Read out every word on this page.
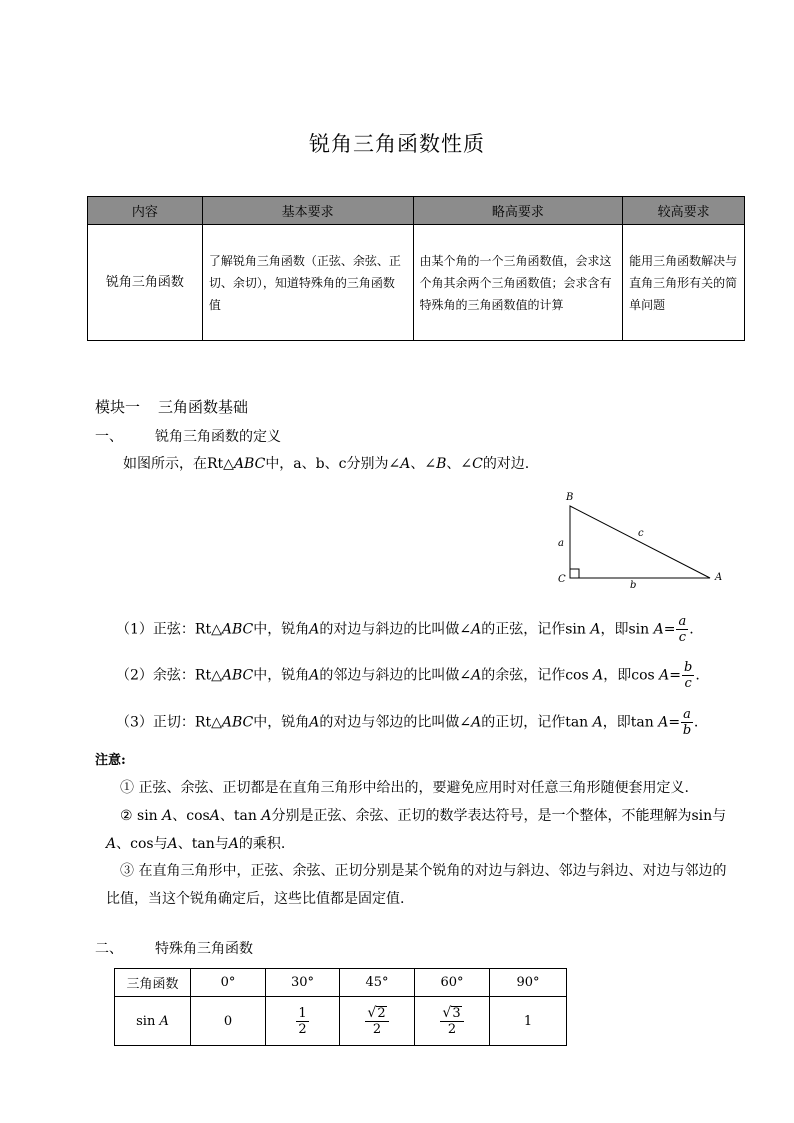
锐角三角函数性质
内容	基本要求	略高要求	较高要求
锐角三角函数	了解锐角三角函数（正弦、余弦、正切、余切），知道特殊角的三角函数值	由某个角的一个三角函数值，会求这个角其余两个三角函数值；会求含有特殊角的三角函数值的计算	能用三角函数解决与直角三角形有关的简单问题
模块一 三角函数基础
一、 锐角三角函数的定义
如图所示，在Rt△ABC中，a、b、c分别为∠A、∠B、∠C的对边.
B
C	A
a
b
c
（1）正弦：Rt△ABC中，锐角A的对边与斜边的比叫做∠A的正弦，记作sin A，即$\sin A= \frac{a}{c}$ .
（2）余弦：Rt△ABC中，锐角A的邻边与斜边的比叫做∠A的余弦，记作cos A，即$\cos A= \frac{b}{c}$ .
（3）正切：Rt△ABC中，锐角A的对边与邻边的比叫做∠A的正切，记作tan A，即$\tan A= \frac{a}{b}$ .
注意:
① 正弦、余弦、正切都是在直角三角形中给出的，要避免应用时对任意三角形随便套用定义.
② sin A、cosA、tan A分别是正弦、余弦、正切的数学表达符号，是一个整体，不能理解为sin与
A、cos与A、tan与A的乘积.
③ 在直角三角形中，正弦、余弦、正切分别是某个锐角的对边与斜边、邻边与斜边、对边与邻边的
比值，当这个锐角确定后，这些比值都是固定值.
二、 特殊角三角函数
三角函数	0°	30°	45°	60°	90°
sin A	0	$\frac{1}{2}$	$\frac{√ 2}{2}$	$\frac{√ 3}{2}$	1
